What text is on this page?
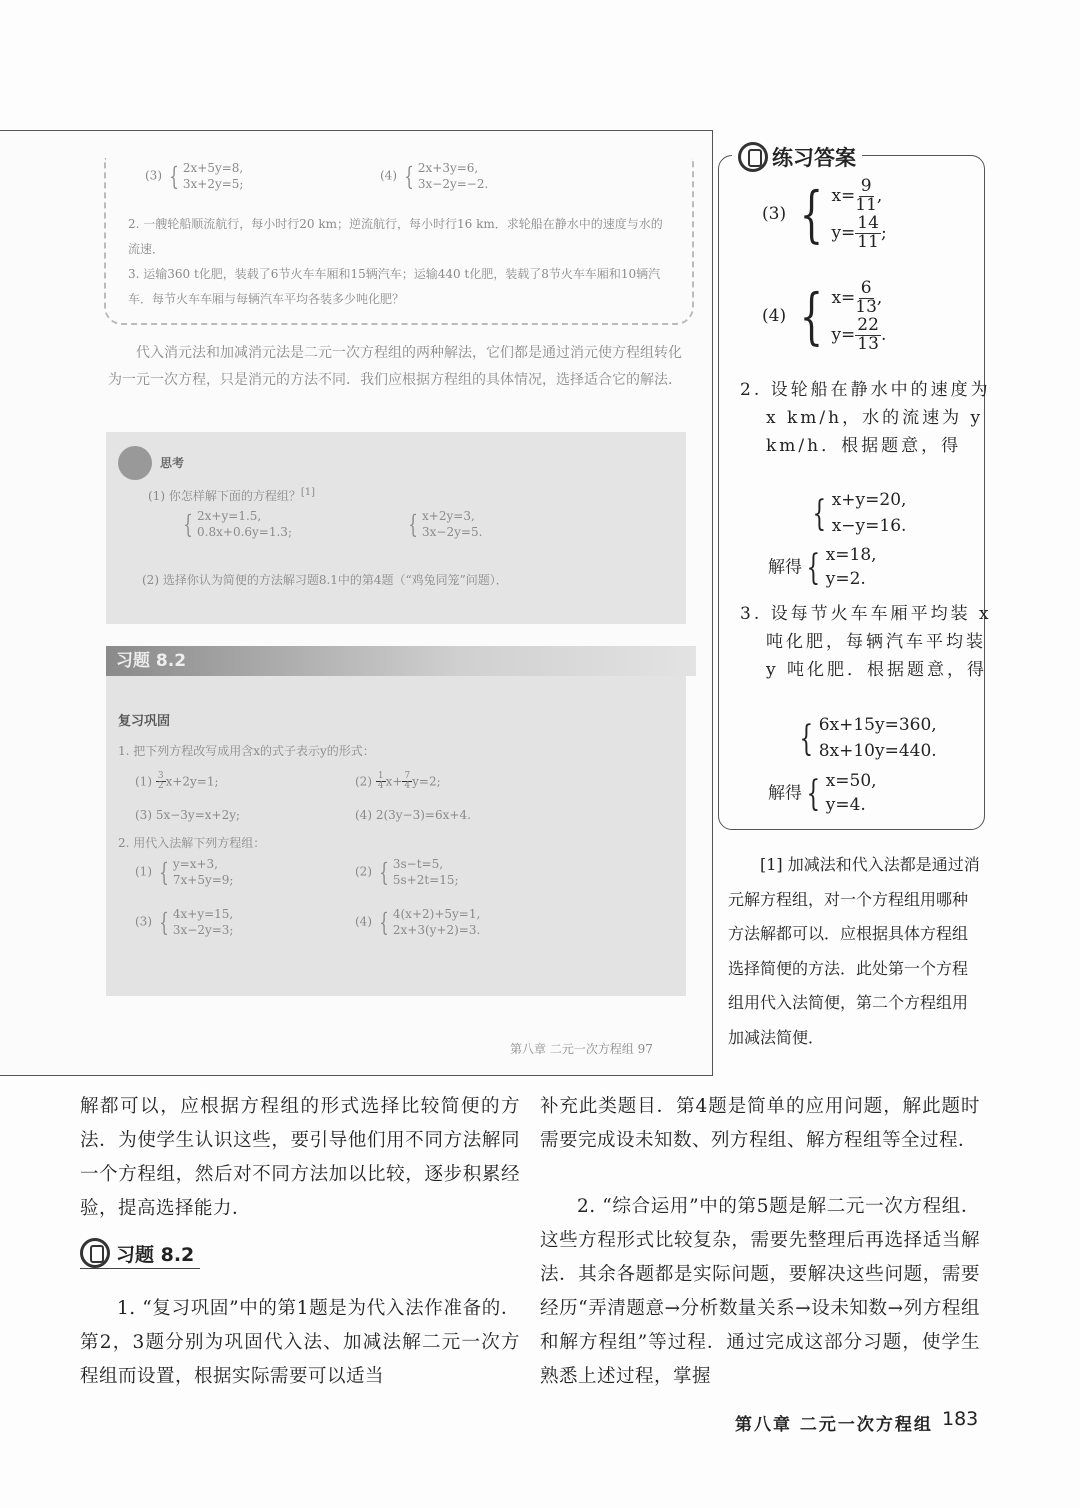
(3) { 2x+5y=8,
3x+2y=5;
(4) { 2x+3y=6,
3x−2y=−2.
2. 一艘轮船顺流航行，每小时行20 km；逆流航行，每小时行16 km．求轮船在静水中的速度与水的流速．
3. 运输360 t化肥，装载了6节火车车厢和15辆汽车；运输440 t化肥，装载了8节火车车厢和10辆汽车．每节火车车厢与每辆汽车平均各装多少吨化肥？
代入消元法和加减消元法是二元一次方程组的两种解法，它们都是通过消元使方程组转化为一元一次方程，只是消元的方法不同．我们应根据方程组的具体情况，选择适合它的解法．
思考
(1) 你怎样解下面的方程组？[1]
{ 2x+y=1.5,
0.8x+0.6y=1.3;	{ x+2y=3,
3x−2y=5.
(2) 选择你认为简便的方法解习题8.1中的第4题（“鸡兔同笼”问题）．
习题 8.2
复习巩固
1. 把下列方程改写成用含x的式子表示y的形式：
$(1) \frac{3}{2} x+2y=1$;	$(2) \frac{1}{4} x+ \frac{7}{4} y=2$;
(3) 5x−3y=x+2y;	(4) 2(3y−3)=6x+4.
2. 用代入法解下列方程组：
(1) { y=x+3,
7x+5y=9;
(2) { 3s−t=5,
5s+2t=15;
(3) { 4x+y=15,
3x−2y=3;
(4) { 4(x+2)+5y=1,
2x+3(y+2)=3.
第八章 二元一次方程组 97
练习答案
(3) { $x= \frac{9}{11}$ ,
$y= \frac{14}{11}$ ;
(4) { $x= \frac{6}{13}$ ,
$y= \frac{22}{13}$ .
2. 设轮船在静水中的速度为 x km/h，水的流速为 y km/h．根据题意，得
{ x+y=20,
x−y=16.
解得 { x=18,
y=2.
3. 设每节火车车厢平均装 x 吨化肥，每辆汽车平均装 y 吨化肥．根据题意，得
{ 6x+15y=360,
8x+10y=440.
解得 { x=50,
y=4.
[1] 加减法和代入法都是通过消元解方程组，对一个方程组用哪种方法解都可以．应根据具体方程组选择简便的方法．此处第一个方程组用代入法简便，第二个方程组用加减法简便．
解都可以，应根据方程组的形式选择比较简便的方法．为使学生认识这些，要引导他们用不同方法解同一个方程组，然后对不同方法加以比较，逐步积累经验，提高选择能力．
习题 8.2
1. “复习巩固”中的第1题是为代入法作准备的．第2，3题分别为巩固代入法、加减法解二元一次方程组而设置，根据实际需要可以适当
补充此类题目．第4题是简单的应用问题，解此题时需要完成设未知数、列方程组、解方程组等全过程．
2. “综合运用”中的第5题是解二元一次方程组．这些方程形式比较复杂，需要先整理后再选择适当解法．其余各题都是实际问题，要解决这些问题，需要经历“弄清题意→分析数量关系→设未知数→列方程组和解方程组”等过程．通过完成这部分习题，使学生熟悉上述过程，掌握
第八章 二元一次方程组 183
